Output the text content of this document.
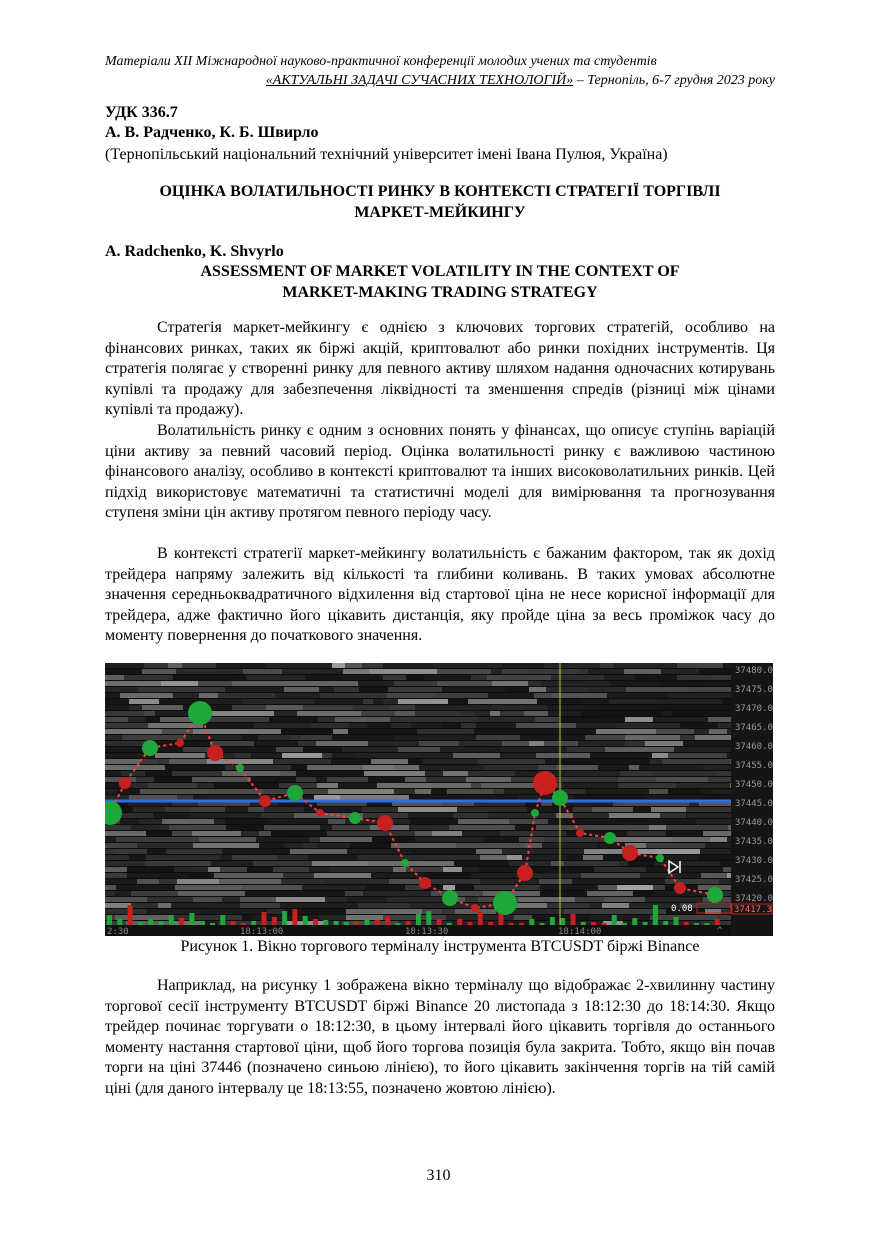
Матеріали XII Міжнародної науково-практичної конференції молодих учених та студентів
«АКТУАЛЬНІ ЗАДАЧІ СУЧАСНИХ ТЕХНОЛОГІЙ» – Тернопіль, 6-7 грудня 2023 року
УДК 336.7
А. В. Радченко, К. Б. Швирло
(Тернопільський національний технічний університет імені Івана Пулюя, Україна)
ОЦІНКА ВОЛАТИЛЬНОСТІ РИНКУ В КОНТЕКСТІ СТРАТЕГІЇ ТОРГІВЛІ
МАРКЕТ-МЕЙКИНГУ
A. Radchenko, K. Shvyrlo
ASSESSMENT OF MARKET VOLATILITY IN THE CONTEXT OF
MARKET-MAKING TRADING STRATEGY

Стратегія маркет-мейкингу є однією з ключових торгових стратегій, особливо на фінансових ринках, таких як біржі акцій, криптовалют або ринки похідних інструментів. Ця стратегія полягає у створенні ринку для певного активу шляхом надання одночасних котирувань купівлі та продажу для забезпечення ліквідності та зменшення спредів (різниці між цінами купівлі та продажу).

Волатильність ринку є одним з основних понять у фінансах, що описує ступінь варіацій ціни активу за певний часовий період. Оцінка волатильності ринку є важливою частиною фінансового аналізу, особливо в контексті криптовалют та інших високоволатильних ринків. Цей підхід використовує математичні та статистичні моделі для вимірювання та прогнозування ступеня зміни цін активу протягом певного періоду часу.

В контексті стратегії маркет-мейкингу волатильність є бажаним фактором, так як дохід трейдера напряму залежить від кількості та глибини коливань. В таких умовах абсолютне значення середньоквадратичного відхилення від стартової ціна не несе корисної інформації для трейдера, адже фактично його цікавить дистанція, яку пройде ціна за весь проміжок часу до моменту повернення до початкового значення.

37480.0
37475.0
37470.0
37465.0
37460.0
37455.0
37450.0
37445.0
37440.0
37435.0
37430.0
37425.0
37420.0
2:30	18:13:00	18:13:30	18:14:00
0.08	37417.3
^
Рисунок 1. Вікно торгового терміналу інструмента BTCUSDT біржі Binance

Наприклад, на рисунку 1 зображена вікно терміналу що відображає 2-хвилинну частину торгової сесії інструменту BTCUSDT біржі Binance 20 листопада з 18:12:30 до 18:14:30. Якщо трейдер починає торгувати о 18:12:30, в цьому інтервалі його цікавить торгівля до останнього моменту настання стартової ціни, щоб його торгова позиція була закрита. Тобто, якщо він почав торги на ціні 37446 (позначено синьою лінією), то його цікавить закінчення торгів на тій самій ціні (для даного інтервалу це 18:13:55, позначено жовтою лінією).

310
